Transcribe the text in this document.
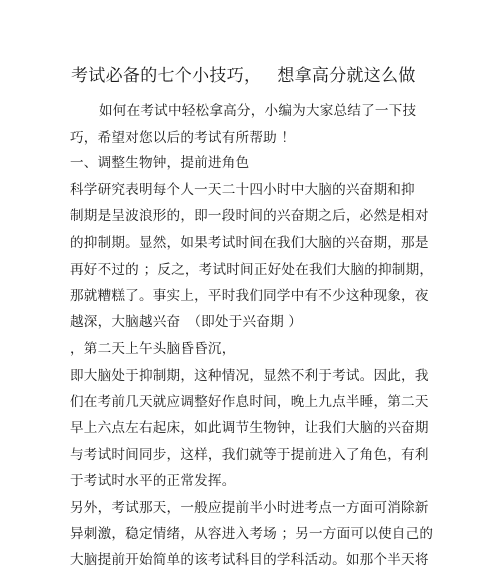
考试必备的七个小技巧， 想拿高分就这么做
如何在考试中轻松拿高分，小编为大家总结了一下技
巧，希望对您以后的考试有所帮助 ！
一、调整生物钟，提前进角色
科学研究表明每个人一天二十四小时中大脑的兴奋期和抑
制期是呈波浪形的，即一段时间的兴奋期之后，必然是相对
的抑制期。显然，如果考试时间在我们大脑的兴奋期，那是
再好不过的 ；反之，考试时间正好处在我们大脑的抑制期，
那就糟糕了。事实上，平时我们同学中有不少这种现象，夜
越深，大脑越兴奋　（即处于兴奋期 ）
，第二天上午头脑昏昏沉，
即大脑处于抑制期，这种情况，显然不利于考试。因此，我
们在考前几天就应调整好作息时间，晚上九点半睡，第二天
早上六点左右起床，如此调节生物钟，让我们大脑的兴奋期
与考试时间同步，这样，我们就等于提前进入了角色，有利
于考试时水平的正常发挥。
另外，考试那天，一般应提前半小时进考点一方面可消除新
异刺激，稳定情绪，从容进入考场 ；另一方面可以使自己的
大脑提前开始简单的该考试科目的学科活动。如那个半天将
